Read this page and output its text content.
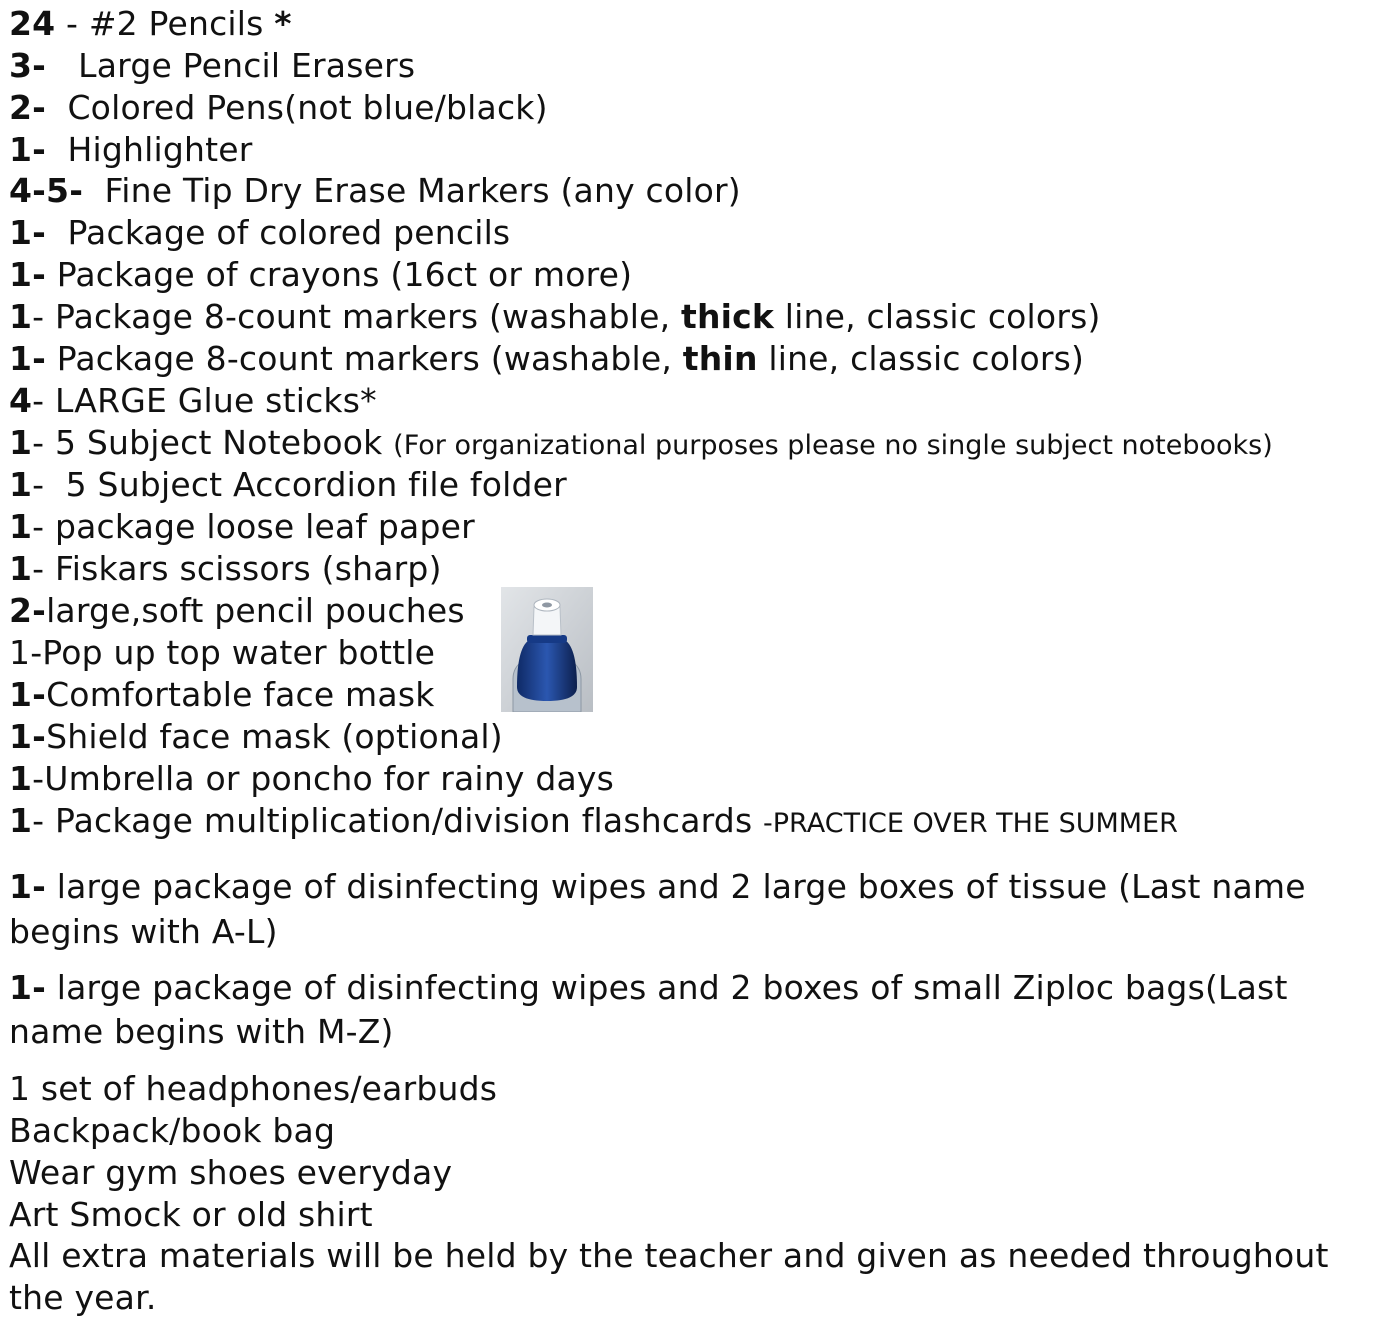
24 - #2 Pencils *
3-   Large Pencil Erasers
2-  Colored Pens(not blue/black)
1-  Highlighter
4-5-  Fine Tip Dry Erase Markers (any color)
1-  Package of colored pencils
1- Package of crayons (16ct or more)
1- Package 8-count markers (washable, thick line, classic colors)
1- Package 8-count markers (washable, thin line, classic colors)
4- LARGE Glue sticks*
1- 5 Subject Notebook (For organizational purposes please no single subject notebooks)
1-  5 Subject Accordion file folder
1- package loose leaf paper
1- Fiskars scissors (sharp)
2-large,soft pencil pouches
1-Pop up top water bottle
1-Comfortable face mask
1-Shield face mask (optional)
1-Umbrella or poncho for rainy days
1- Package multiplication/division flashcards -PRACTICE OVER THE SUMMER
1- large package of disinfecting wipes and 2 large boxes of tissue (Last name
begins with A-L)
1- large package of disinfecting wipes and 2 boxes of small Ziploc bags(Last
name begins with M-Z)
1 set of headphones/earbuds
Backpack/book bag
Wear gym shoes everyday
Art Smock or old shirt
All extra materials will be held by the teacher and given as needed throughout
the year.
